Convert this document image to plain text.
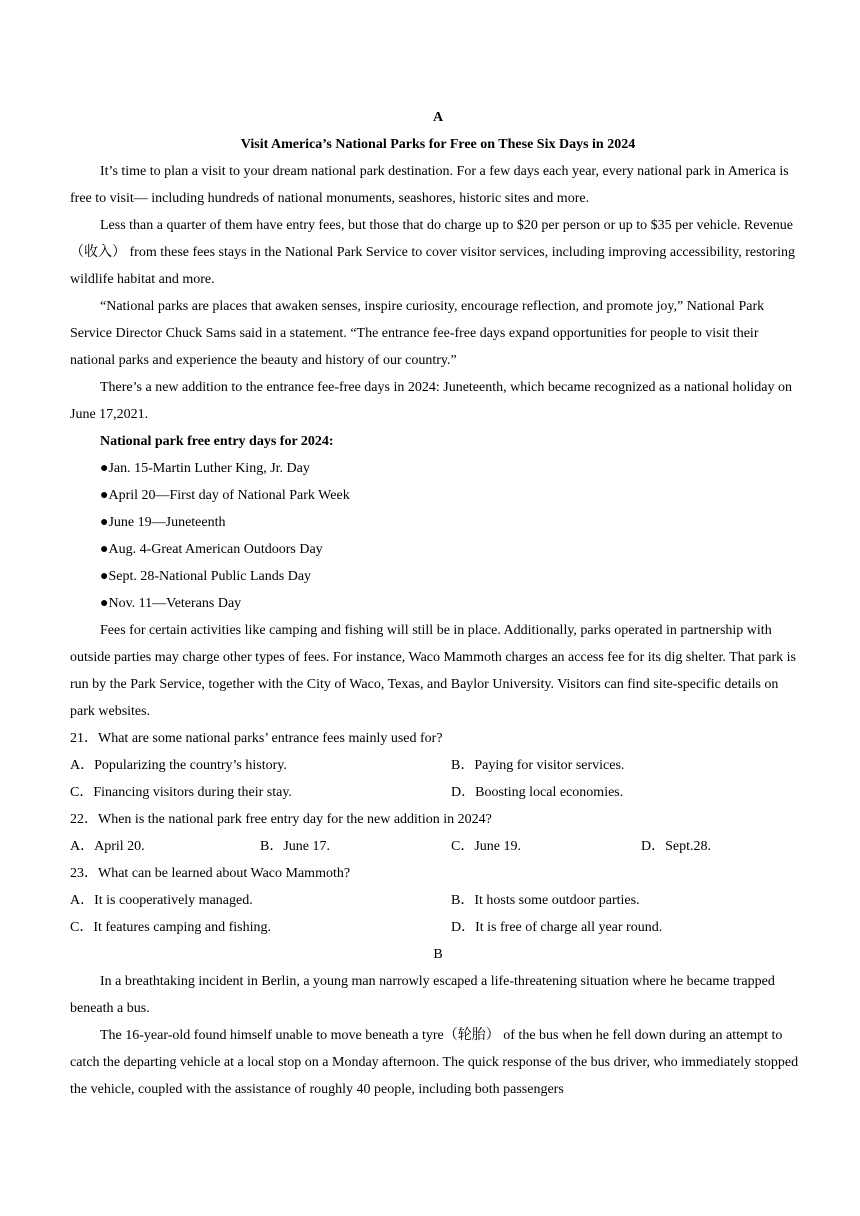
A

Visit America’s National Parks for Free on These Six Days in 2024

It’s time to plan a visit to your dream national park destination. For a few days each year, every national park in America is free to visit— including hundreds of national monuments, seashores, historic sites and more.

Less than a quarter of them have entry fees, but those that do charge up to $20 per person or up to $35 per vehicle. Revenue（收入） from these fees stays in the National Park Service to cover visitor services, including improving accessibility, restoring wildlife habitat and more.

“National parks are places that awaken senses, inspire curiosity, encourage reflection, and promote joy,” National Park Service Director Chuck Sams said in a statement. “The entrance fee-free days expand opportunities for people to visit their national parks and experience the beauty and history of our country.”

There’s a new addition to the entrance fee-free days in 2024: Juneteenth, which became recognized as a national holiday on June 17,2021.

National park free entry days for 2024:

●Jan. 15-Martin Luther King, Jr. Day

●April 20—First day of National Park Week

●June 19—Juneteenth

●Aug. 4-Great American Outdoors Day

●Sept. 28-National Public Lands Day

●Nov. 11—Veterans Day

Fees for certain activities like camping and fishing will still be in place. Additionally, parks operated in partnership with outside parties may charge other types of fees. For instance, Waco Mammoth charges an access fee for its dig shelter. That park is run by the Park Service, together with the City of Waco, Texas, and Baylor University. Visitors can find site-specific details on park websites.

21．What are some national parks’ entrance fees mainly used for?

A．Popularizing the country’s history.	B．Paying for visitor services.
C．Financing visitors during their stay.	D．Boosting local economies.

22．When is the national park free entry day for the new addition in 2024?

A．April 20.	B．June 17.	C．June 19.	D．Sept.28.

23．What can be learned about Waco Mammoth?

A．It is cooperatively managed.	B．It hosts some outdoor parties.
C．It features camping and fishing.	D．It is free of charge all year round.

B

In a breathtaking incident in Berlin, a young man narrowly escaped a life-threatening situation where he became trapped beneath a bus.

The 16-year-old found himself unable to move beneath a tyre（轮胎） of the bus when he fell down during an attempt to catch the departing vehicle at a local stop on a Monday afternoon. The quick response of the bus driver, who immediately stopped the vehicle, coupled with the assistance of roughly 40 people, including both passengers
